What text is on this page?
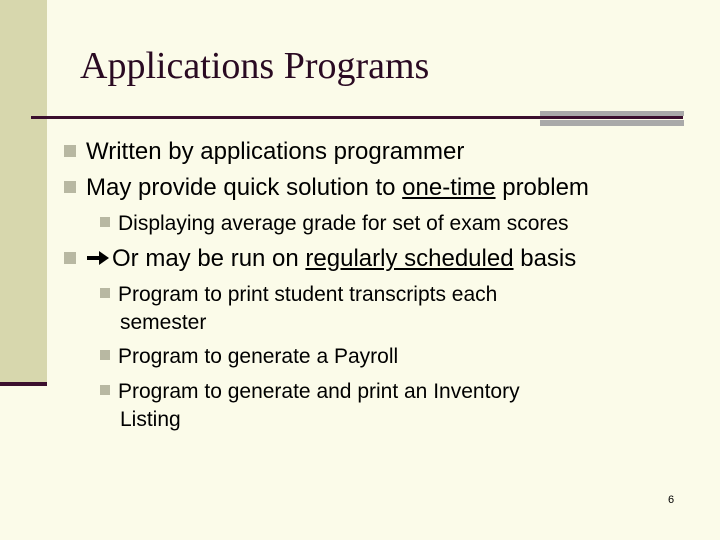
Applications Programs
Written by applications programmer
May provide quick solution to one-time problem
Displaying average grade for set of exam scores
Or may be run on regularly scheduled basis
Program to print student transcripts each
semester
Program to generate a Payroll
Program to generate and print an Inventory
Listing
6
